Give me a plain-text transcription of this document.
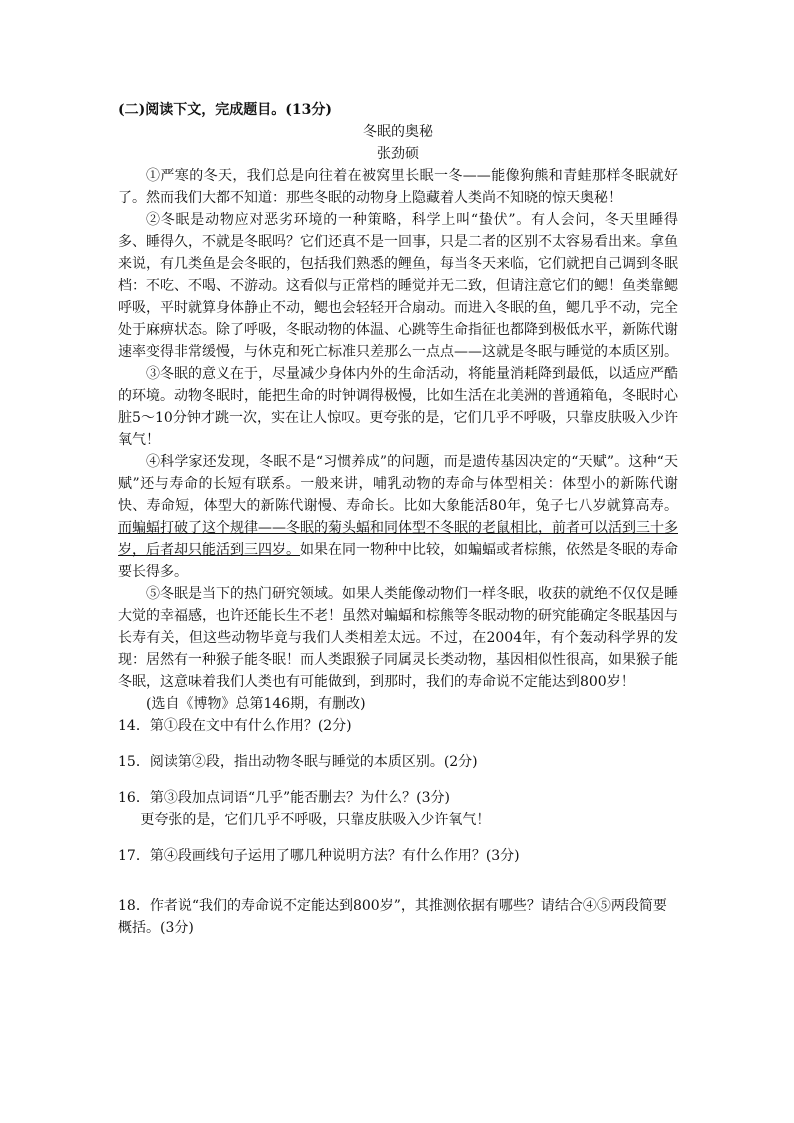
(二)阅读下文，完成题目。(13分)

冬眠的奥秘

张劲硕

①严寒的冬天，我们总是向往着在被窝里长眠一冬——能像狗熊和青蛙那样冬眠就好了。然而我们大都不知道：那些冬眠的动物身上隐藏着人类尚不知晓的惊天奥秘！

②冬眠是动物应对恶劣环境的一种策略，科学上叫“蛰伏”。有人会问，冬天里睡得多、睡得久，不就是冬眠吗？它们还真不是一回事，只是二者的区别不太容易看出来。拿鱼来说，有几类鱼是会冬眠的，包括我们熟悉的鲤鱼，每当冬天来临，它们就把自己调到冬眠档：不吃、不喝、不游动。这看似与正常档的睡觉并无二致，但请注意它们的鳃！鱼类靠鳃呼吸，平时就算身体静止不动，鳃也会轻轻开合扇动。而进入冬眠的鱼，鳃几乎不动，完全处于麻痹状态。除了呼吸，冬眠动物的体温、心跳等生命指征也都降到极低水平，新陈代谢速率变得非常缓慢，与休克和死亡标准只差那么一点点——这就是冬眠与睡觉的本质区别。

③冬眠的意义在于，尽量减少身体内外的生命活动，将能量消耗降到最低，以适应严酷的环境。动物冬眠时，能把生命的时钟调得极慢，比如生活在北美洲的普通箱龟，冬眠时心脏5～10分钟才跳一次，实在让人惊叹。更夸张的是，它们几乎不呼吸，只靠皮肤吸入少许氧气！

④科学家还发现，冬眠不是“习惯养成”的问题，而是遗传基因决定的“天赋”。这种“天赋”还与寿命的长短有联系。一般来讲，哺乳动物的寿命与体型相关：体型小的新陈代谢快、寿命短，体型大的新陈代谢慢、寿命长。比如大象能活80年，兔子七八岁就算高寿。而蝙蝠打破了这个规律——冬眠的菊头蝠和同体型不冬眠的老鼠相比，前者可以活到三十多岁，后者却只能活到三四岁。如果在同一物种中比较，如蝙蝠或者棕熊，依然是冬眠的寿命要长得多。

⑤冬眠是当下的热门研究领域。如果人类能像动物们一样冬眠，收获的就绝不仅仅是睡大觉的幸福感，也许还能长生不老！虽然对蝙蝠和棕熊等冬眠动物的研究能确定冬眠基因与长寿有关，但这些动物毕竟与我们人类相差太远。不过，在2004年，有个轰动科学界的发现：居然有一种猴子能冬眠！而人类跟猴子同属灵长类动物，基因相似性很高，如果猴子能冬眠，这意味着我们人类也有可能做到，到那时，我们的寿命说不定能达到800岁！

(选自《博物》总第146期，有删改)

14．第①段在文中有什么作用？(2分)

15．阅读第②段，指出动物冬眠与睡觉的本质区别。(2分)

16．第③段加点词语“几乎”能否删去？为什么？(3分)

更夸张的是，它们几乎不呼吸，只靠皮肤吸入少许氧气！

17．第④段画线句子运用了哪几种说明方法？有什么作用？(3分)

18．作者说“我们的寿命说不定能达到800岁”，其推测依据有哪些？请结合④⑤两段简要概括。(3分)
